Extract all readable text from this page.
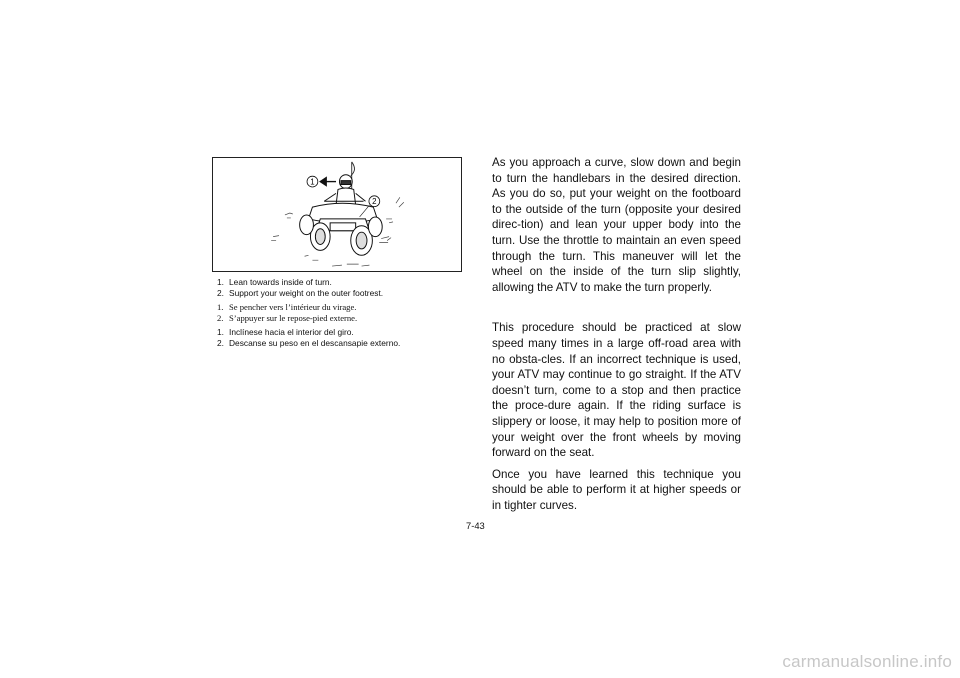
1
2
1. Lean towards inside of turn.
2. Support your weight on the outer footrest.
1. Se pencher vers l’intérieur du virage.
2. S’appuyer sur le repose-pied externe.
1. Inclínese hacia el interior del giro.
2. Descanse su peso en el descansapie externo.

As you approach a curve, slow down and begin to turn the handlebars in the desired direction. As you do so, put your weight on the footboard to the outside of the turn (opposite your desired direc-tion) and lean your upper body into the turn. Use the throttle to maintain an even speed through the turn. This maneuver will let the wheel on the inside of the turn slip slightly, allowing the ATV to make the turn properly.

This procedure should be practiced at slow speed many times in a large off-road area with no obsta-cles. If an incorrect technique is used, your ATV may continue to go straight. If the ATV doesn’t turn, come to a stop and then practice the proce-dure again. If the riding surface is slippery or loose, it may help to position more of your weight over the front wheels by moving forward on the seat.

Once you have learned this technique you should be able to perform it at higher speeds or in tighter curves.

7-43
carmanualsonline.info
